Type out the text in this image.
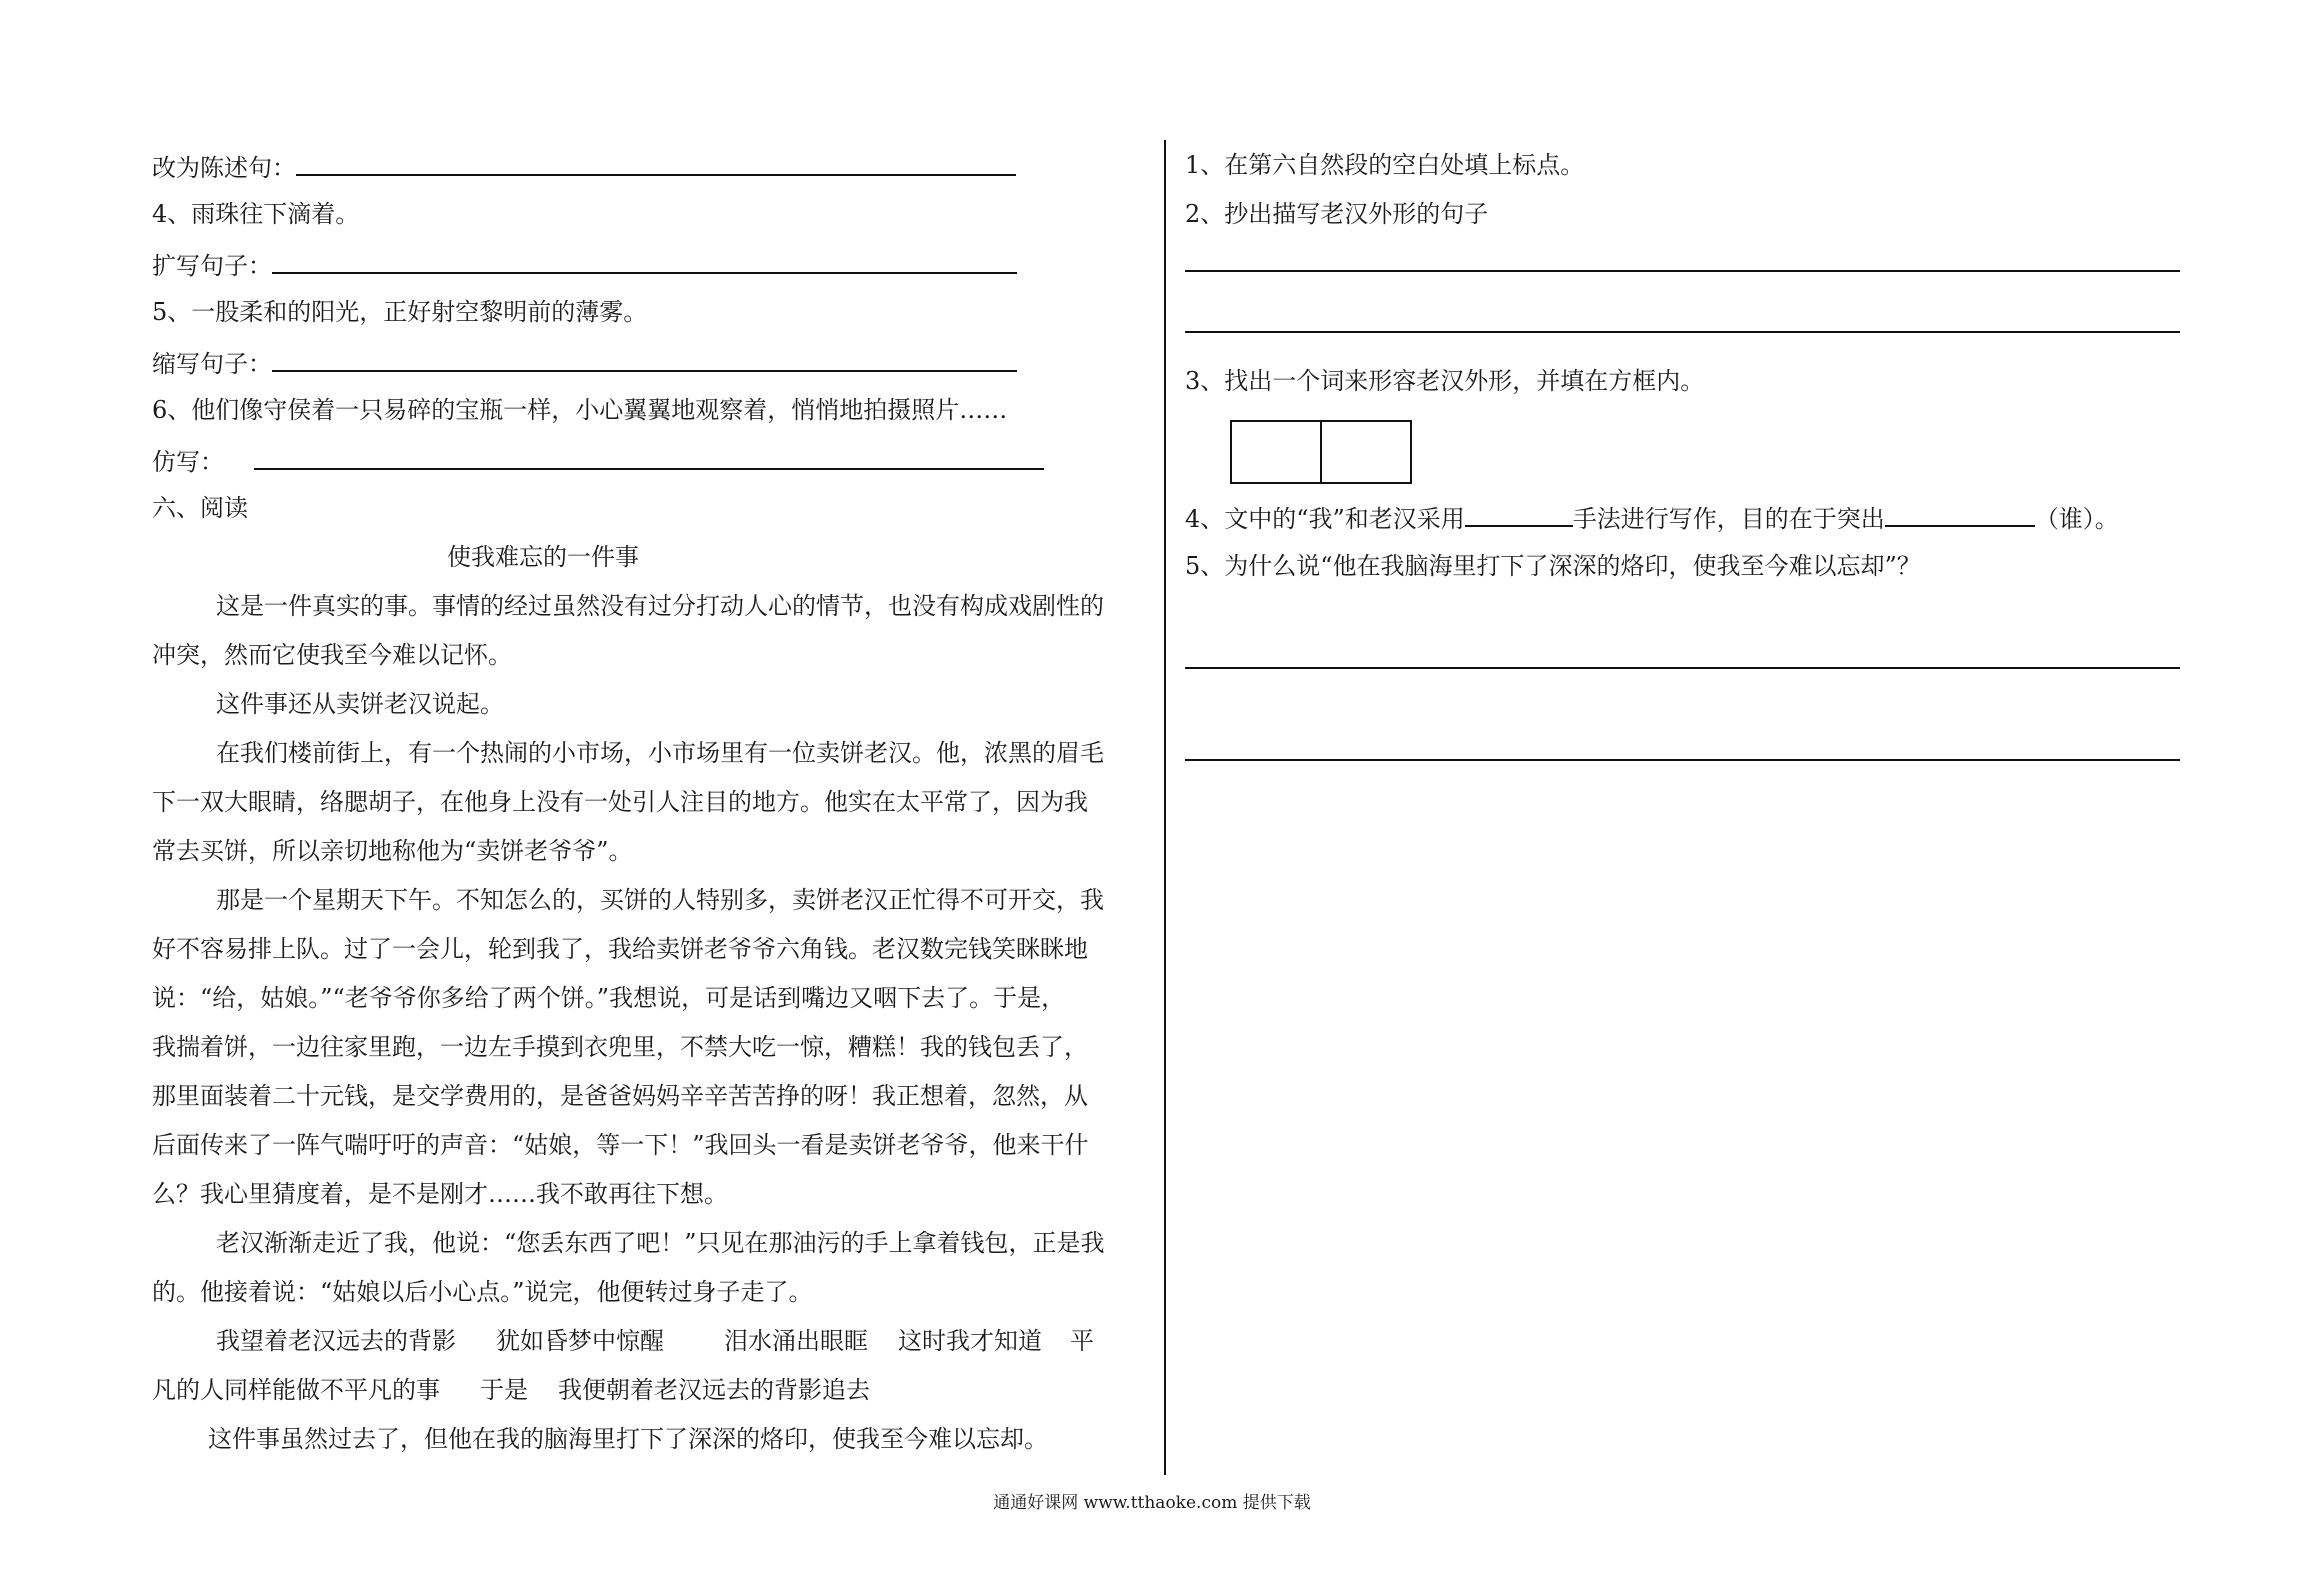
改为陈述句：
4、雨珠往下滴着。
扩写句子：
5、一股柔和的阳光，正好射空黎明前的薄雾。
缩写句子：
6、他们像守侯着一只易碎的宝瓶一样，小心翼翼地观察着，悄悄地拍摄照片……
仿写：
六、阅读
使我难忘的一件事
这是一件真实的事。事情的经过虽然没有过分打动人心的情节，也没有构成戏剧性的
冲突，然而它使我至今难以记怀。
这件事还从卖饼老汉说起。
在我们楼前街上，有一个热闹的小市场，小市场里有一位卖饼老汉。他，浓黑的眉毛
下一双大眼睛，络腮胡子，在他身上没有一处引人注目的地方。他实在太平常了，因为我
常去买饼，所以亲切地称他为“卖饼老爷爷”。
那是一个星期天下午。不知怎么的，买饼的人特别多，卖饼老汉正忙得不可开交，我
好不容易排上队。过了一会儿，轮到我了，我给卖饼老爷爷六角钱。老汉数完钱笑眯眯地
说：“给，姑娘。”“老爷爷你多给了两个饼。”我想说，可是话到嘴边又咽下去了。于是，
我揣着饼，一边往家里跑，一边左手摸到衣兜里，不禁大吃一惊，糟糕！我的钱包丢了，
那里面装着二十元钱，是交学费用的，是爸爸妈妈辛辛苦苦挣的呀！我正想着，忽然，从
后面传来了一阵气喘吁吁的声音：“姑娘，等一下！”我回头一看是卖饼老爷爷，他来干什
么？我心里猜度着，是不是刚才……我不敢再往下想。
老汉渐渐走近了我，他说：“您丢东西了吧！”只见在那油污的手上拿着钱包，正是我
的。他接着说：“姑娘以后小心点。”说完，他便转过身子走了。
我望着老汉远去的背影 犹如昏梦中惊醒	泪水涌出眼眶 这时我才知道 平
凡的人同样能做不平凡的事 于是 我便朝着老汉远去的背影追去
这件事虽然过去了，但他在我的脑海里打下了深深的烙印，使我至今难以忘却。
1、在第六自然段的空白处填上标点。
2、抄出描写老汉外形的句子
3、找出一个词来形容老汉外形，并填在方框内。
4、文中的“我”和老汉采用	手法进行写作，目的在于突出	（谁）。
5、为什么说“他在我脑海里打下了深深的烙印，使我至今难以忘却”？
通通好课网 www.tthaoke.com 提供下载
